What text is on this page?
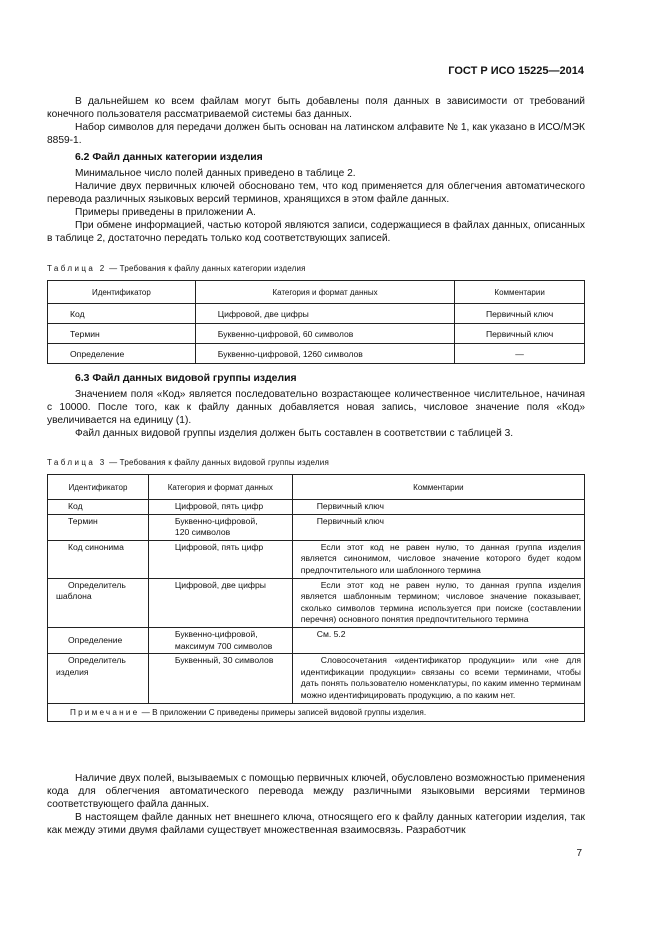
ГОСТ Р ИСО 15225—2014

В дальнейшем ко всем файлам могут быть добавлены поля данных в зависимости от требований конечного пользователя рассматриваемой системы баз данных.

Набор символов для передачи должен быть основан на латинском алфавите № 1, как указано в ИСО/МЭК 8859-1.

6.2 Файл данных категории изделия

Минимальное число полей данных приведено в таблице 2.

Наличие двух первичных ключей обосновано тем, что код применяется для облегчения автоматического перевода различных языковых версий терминов, хранящихся в этом файле данных.

Примеры приведены в приложении А.

При обмене информацией, частью которой являются записи, содержащиеся в файлах данных, описанных в таблице 2, достаточно передать только код соответствующих записей.

Таблица 2 — Требования к файлу данных категории изделия
Идентификатор	Категория и формат данных	Комментарии
Код	Цифровой, две цифры	Первичный ключ
Термин	Буквенно-цифровой, 60 символов	Первичный ключ
Определение	Буквенно-цифровой, 1260 символов	—

6.3 Файл данных видовой группы изделия

Значением поля «Код» является последовательно возрастающее количественное числительное, начиная с 10000. После того, как к файлу данных добавляется новая запись, числовое значение поля «Код» увеличивается на единицу (1).

Файл данных видовой группы изделия должен быть составлен в соответствии с таблицей 3.

Таблица 3 — Требования к файлу данных видовой группы изделия
Идентификатор	Категория и формат данных	Комментарии
Код	Цифровой, пять цифр	Первичный ключ
Термин	Буквенно-цифровой, 120 символов	Первичный ключ
Код синонима	Цифровой, пять цифр	Если этот код не равен нулю, то данная группа изделия является синонимом, числовое значение которого будет кодом предпочтительного или шаблонного термина
Определитель шаблона	Цифровой, две цифры	Если этот код не равен нулю, то данная группа изделия является шаблонным термином; числовое значение показывает, сколько символов термина используется при поиске (составлении перечня) основного понятия предпочтительного термина
Определение	Буквенно-цифровой, максимум 700 символов	См. 5.2
Определитель изделия	Буквенный, 30 символов	Словосочетания «идентификатор продукции» или «не для идентификации продукции» связаны со всеми терминами, чтобы дать понять пользователю номенклатуры, по каким именно терминам можно идентифицировать продукцию, а по каким нет.
Примечание — В приложении С приведены примеры записей видовой группы изделия.		

Наличие двух полей, вызываемых с помощью первичных ключей, обусловлено возможностью применения кода для облегчения автоматического перевода между различными языковыми версиями терминов соответствующего файла данных.

В настоящем файле данных нет внешнего ключа, относящего его к файлу данных категории изделия, так как между этими двумя файлами существует множественная взаимосвязь. Разработчик

7
